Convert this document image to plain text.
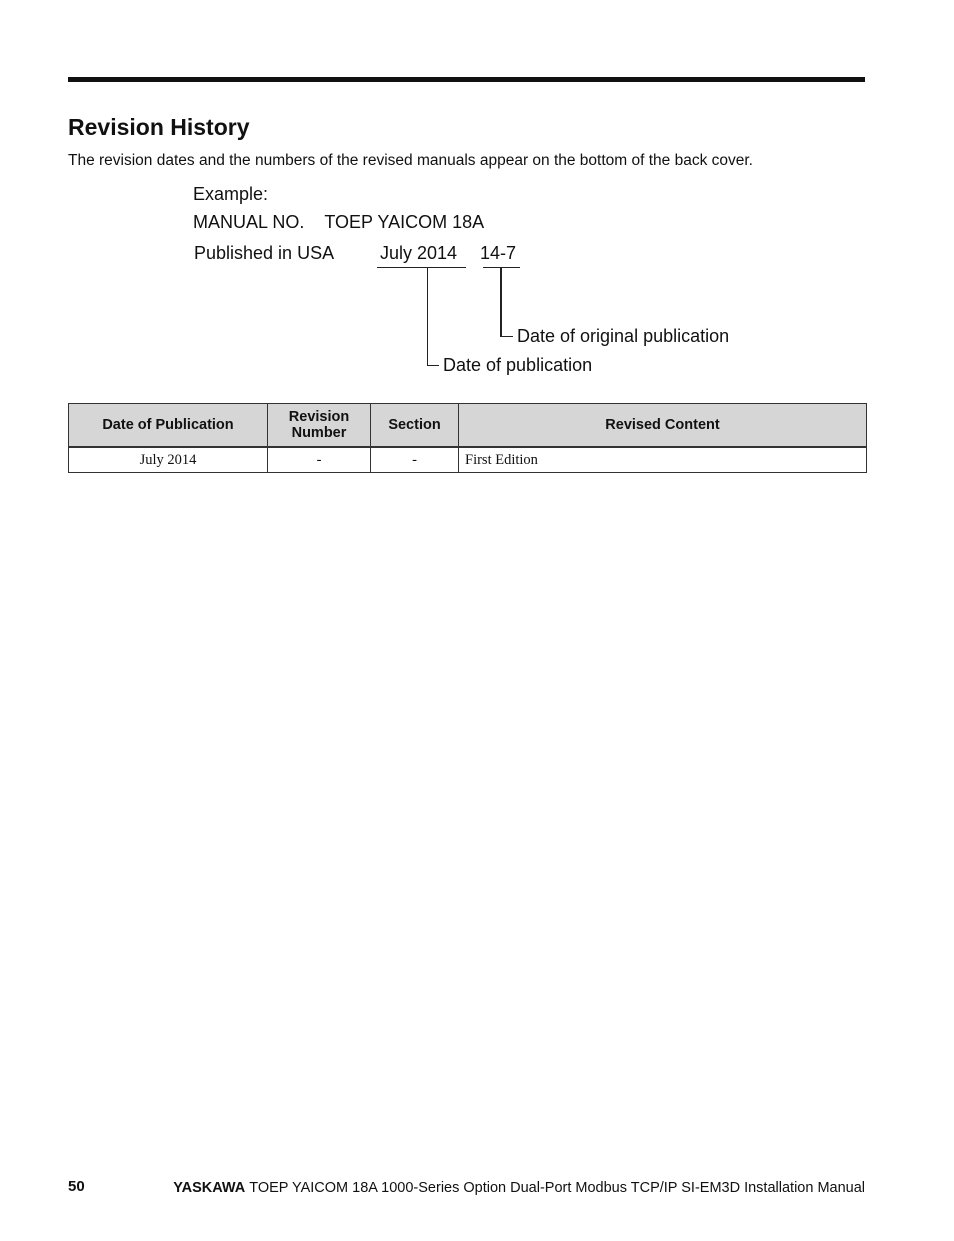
Revision History

The revision dates and the numbers of the revised manuals appear on the bottom of the back cover.

Example:
MANUAL NO. TOEP YAICOM 18A
Published in USA	July 2014 14-7
Date of original publication
Date of publication
Date of Publication	Revision Number	Section	Revised Content
July 2014	-	-	First Edition
50	YASKAWA TOEP YAICOM 18A 1000-Series Option Dual-Port Modbus TCP/IP SI-EM3D Installation Manual
